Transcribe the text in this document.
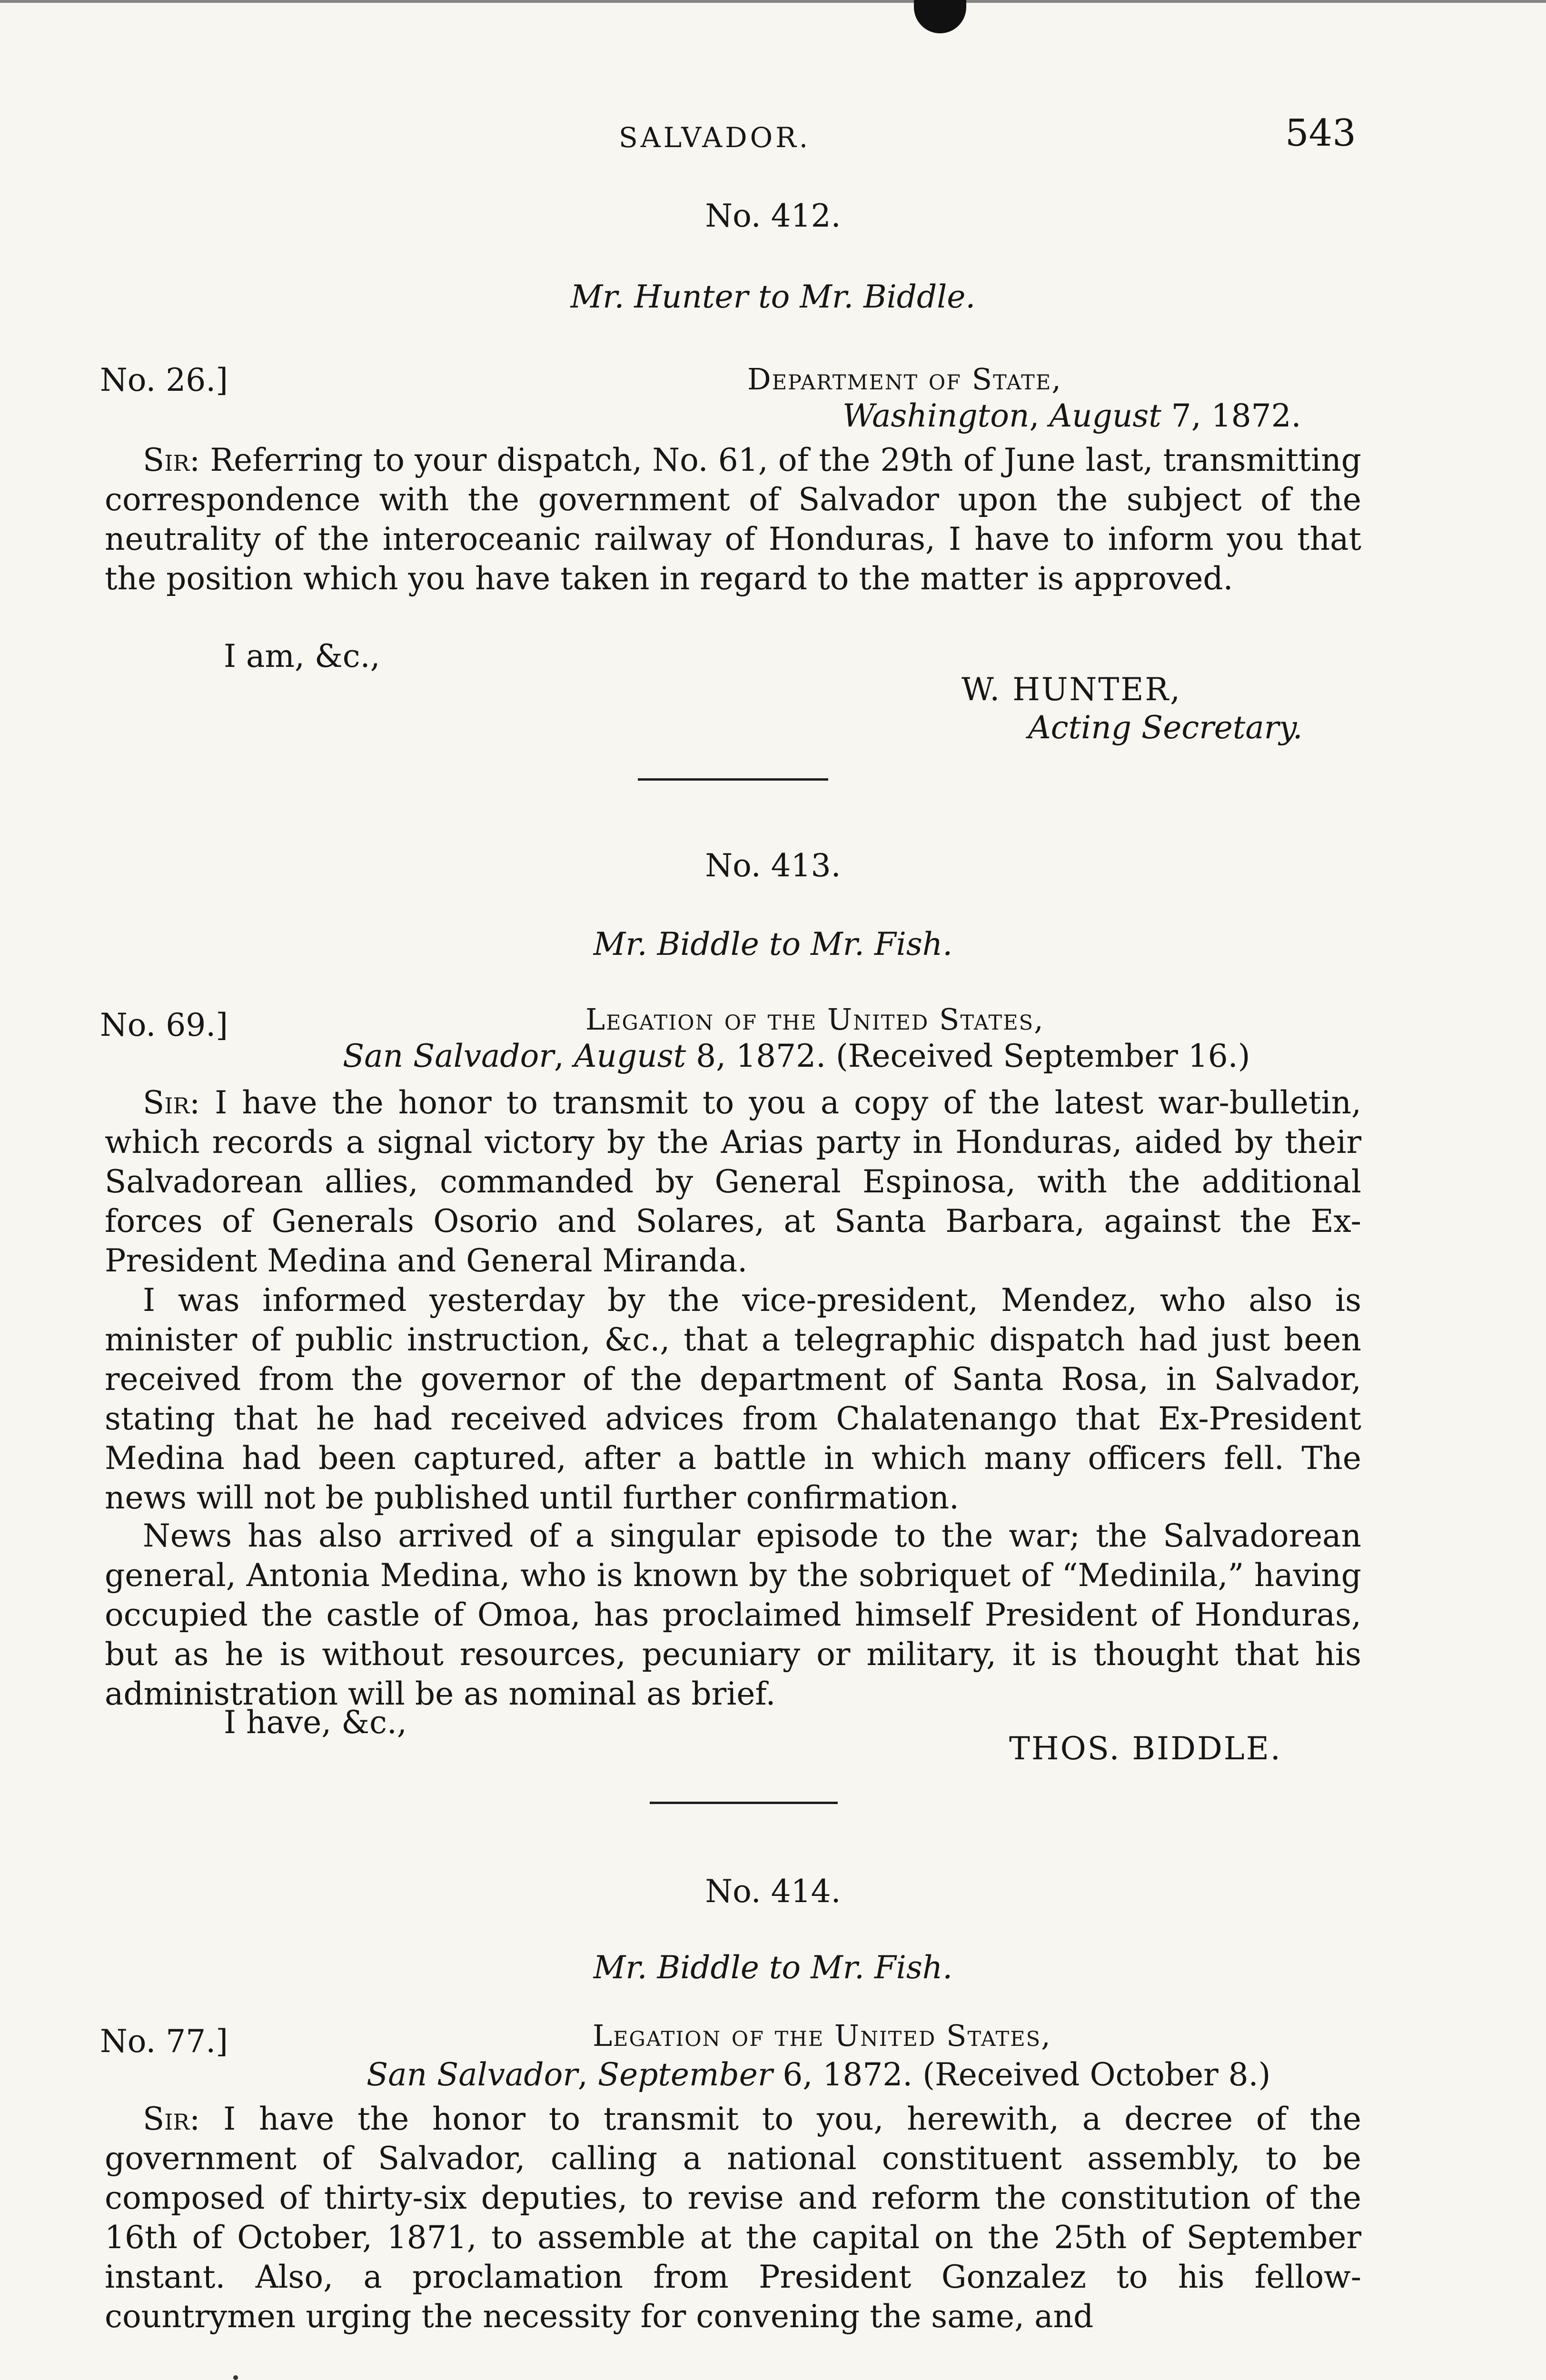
SALVADOR.	543
No. 412.
Mr. Hunter to Mr. Biddle.
No. 26.]	Department of State,
Washington, August 7, 1872.
Sir: Referring to your dispatch, No. 61, of the 29th of June last, transmitting correspondence with the government of Salvador upon the subject of the neutrality of the interoceanic railway of Honduras, I have to inform you that the position which you have taken in regard to the matter is approved.
I am, &c.,
W. HUNTER,
Acting Secretary.
No. 413.
Mr. Biddle to Mr. Fish.
No. 69.]	Legation of the United States,
San Salvador, August 8, 1872. (Received September 16.)
Sir: I have the honor to transmit to you a copy of the latest war-bulletin, which records a signal victory by the Arias party in Honduras, aided by their Salvadorean allies, commanded by General Espinosa, with the additional forces of Generals Osorio and Solares, at Santa Barbara, against the Ex-President Medina and General Miranda.
I was informed yesterday by the vice-president, Mendez, who also is minister of public instruction, &c., that a telegraphic dispatch had just been received from the governor of the department of Santa Rosa, in Salvador, stating that he had received advices from Chalatenango that Ex-President Medina had been captured, after a battle in which many officers fell. The news will not be published until further confirmation.
News has also arrived of a singular episode to the war; the Salvadorean general, Antonia Medina, who is known by the sobriquet of “Medinila,” having occupied the castle of Omoa, has proclaimed himself President of Honduras, but as he is without resources, pecuniary or military, it is thought that his administration will be as nominal as brief.
I have, &c.,
THOS. BIDDLE.
No. 414.
Mr. Biddle to Mr. Fish.
No. 77.]	Legation of the United States,
San Salvador, September 6, 1872. (Received October 8.)
Sir: I have the honor to transmit to you, herewith, a decree of the government of Salvador, calling a national constituent assembly, to be composed of thirty-six deputies, to revise and reform the constitution of the 16th of October, 1871, to assemble at the capital on the 25th of September instant. Also, a proclamation from President Gonzalez to his fellow-countrymen urging the necessity for convening the same, and
